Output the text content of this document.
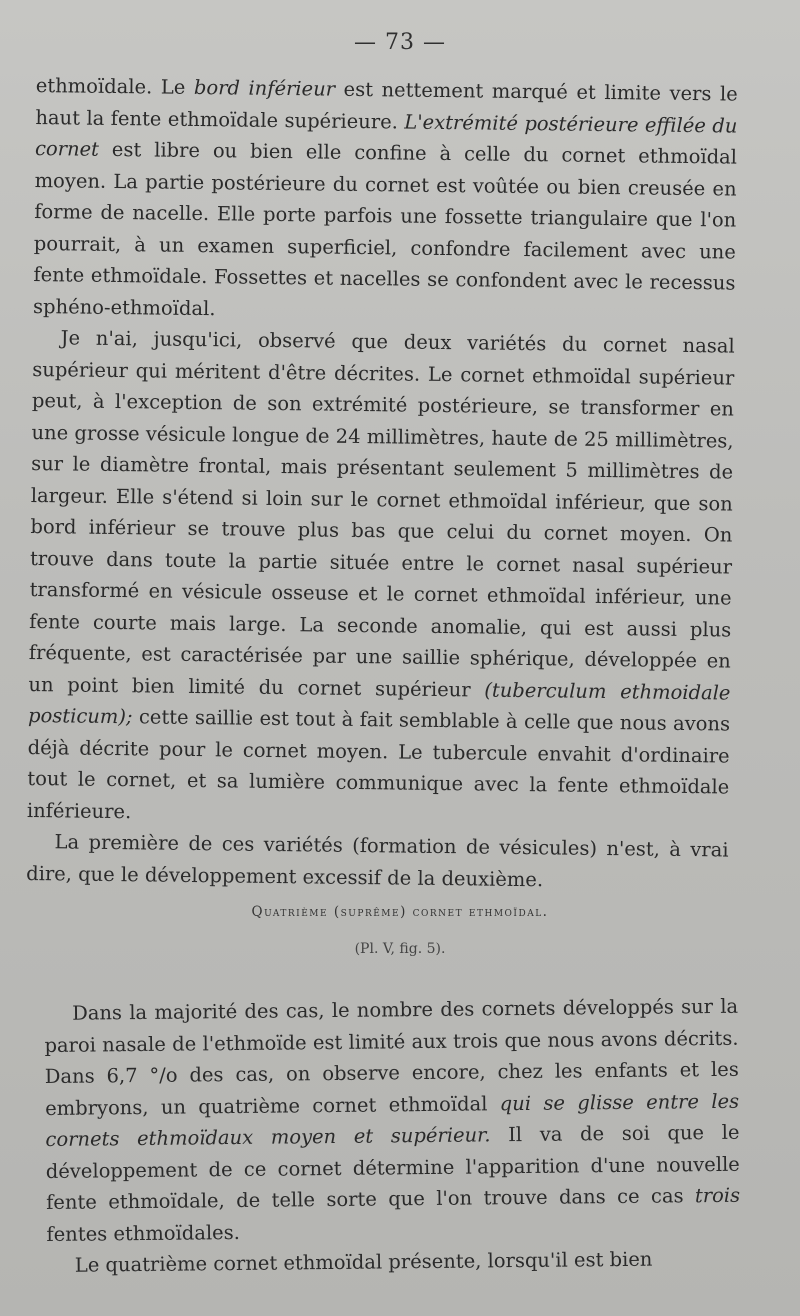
— 73 —

ethmoïdale. Le bord inférieur est nettement marqué et limite vers le haut la fente ethmoïdale supérieure. L'extrémité postérieure effilée du cornet est libre ou bien elle confine à celle du cornet ethmoïdal moyen. La partie postérieure du cornet est voûtée ou bien creusée en forme de nacelle. Elle porte parfois une fossette triangulaire que l'on pourrait, à un examen superficiel, confondre facilement avec une fente ethmoïdale. Fossettes et nacelles se confondent avec le recessus sphéno-ethmoïdal.

Je n'ai, jusqu'ici, observé que deux variétés du cornet nasal supérieur qui méritent d'être décrites. Le cornet ethmoïdal supérieur peut, à l'exception de son extrémité postérieure, se transformer en une grosse vésicule longue de 24 millimètres, haute de 25 millimètres, sur le diamètre frontal, mais présentant seulement 5 millimètres de largeur. Elle s'étend si loin sur le cornet ethmoïdal inférieur, que son bord inférieur se trouve plus bas que celui du cornet moyen. On trouve dans toute la partie située entre le cornet nasal supérieur transformé en vésicule osseuse et le cornet ethmoïdal inférieur, une fente courte mais large. La seconde anomalie, qui est aussi plus fréquente, est caractérisée par une saillie sphérique, développée en un point bien limité du cornet supérieur (tuberculum ethmoidale posticum); cette saillie est tout à fait semblable à celle que nous avons déjà décrite pour le cornet moyen. Le tubercule envahit d'ordinaire tout le cornet, et sa lumière communique avec la fente ethmoïdale inférieure.

La première de ces variétés (formation de vésicules) n'est, à vrai dire, que le développement excessif de la deuxième.

Quatrième (suprême) cornet ethmoïdal.
(Pl. V, fig. 5).

Dans la majorité des cas, le nombre des cornets développés sur la paroi nasale de l'ethmoïde est limité aux trois que nous avons décrits. Dans 6,7 °/o des cas, on observe encore, chez les enfants et les embryons, un quatrième cornet ethmoïdal qui se glisse entre les cornets ethmoïdaux moyen et supérieur. Il va de soi que le développement de ce cornet détermine l'apparition d'une nouvelle fente ethmoïdale, de telle sorte que l'on trouve dans ce cas trois fentes ethmoïdales.

Le quatrième cornet ethmoïdal présente, lorsqu'il est bien
